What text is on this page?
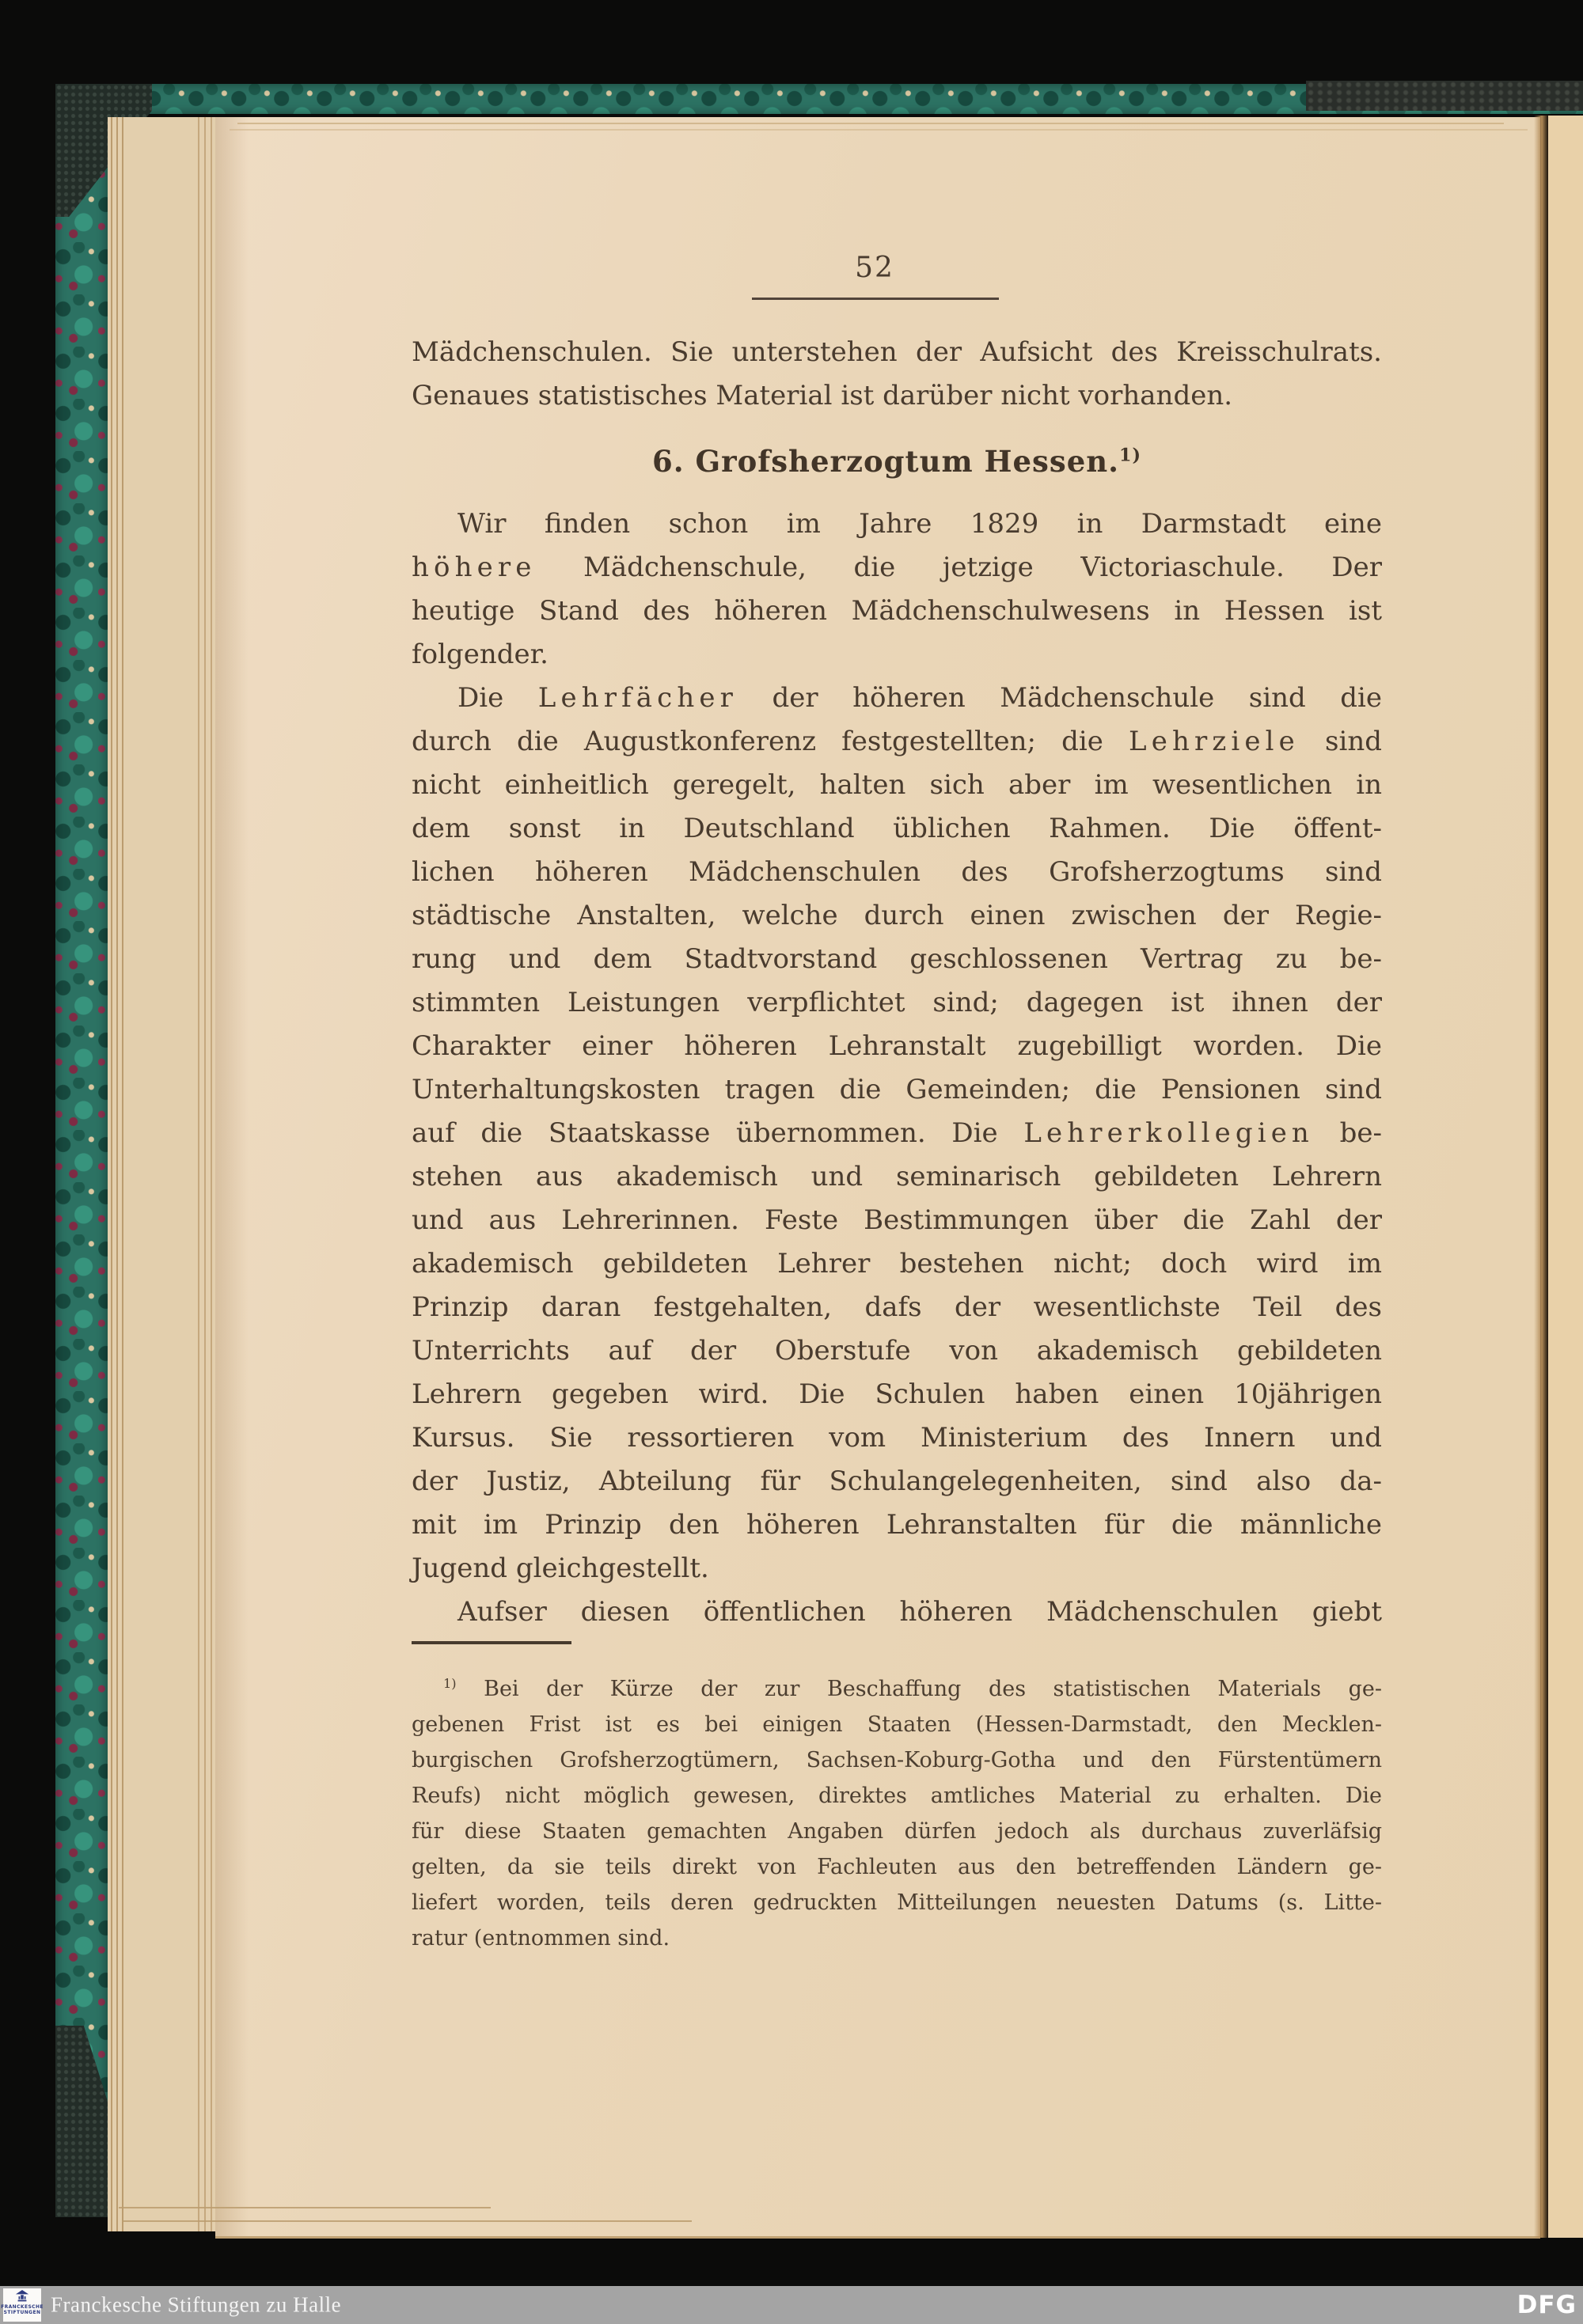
52
Mädchenschulen. Sie unterstehen der Aufsicht des Kreisschulrats.
Genaues statistisches Material ist darüber nicht vorhanden.
6. Grofsherzogtum Hessen.$^{1)}$
Wir finden schon im Jahre 1829 in Darmstadt eine
höhere Mädchenschule, die jetzige Victoriaschule. Der
heutige Stand des höheren Mädchenschulwesens in Hessen ist
folgender.
Die Lehrfächer der höheren Mädchenschule sind die
durch die Augustkonferenz festgestellten; die Lehrziele sind
nicht einheitlich geregelt, halten sich aber im wesentlichen in
dem sonst in Deutschland üblichen Rahmen. Die öffent-
lichen höheren Mädchenschulen des Grofsherzogtums sind
städtische Anstalten, welche durch einen zwischen der Regie-
rung und dem Stadtvorstand geschlossenen Vertrag zu be-
stimmten Leistungen verpflichtet sind; dagegen ist ihnen der
Charakter einer höheren Lehranstalt zugebilligt worden. Die
Unterhaltungskosten tragen die Gemeinden; die Pensionen sind
auf die Staatskasse übernommen. Die Lehrerkollegien be-
stehen aus akademisch und seminarisch gebildeten Lehrern
und aus Lehrerinnen. Feste Bestimmungen über die Zahl der
akademisch gebildeten Lehrer bestehen nicht; doch wird im
Prinzip daran festgehalten, dafs der wesentlichste Teil des
Unterrichts auf der Oberstufe von akademisch gebildeten
Lehrern gegeben wird. Die Schulen haben einen 10jährigen
Kursus. Sie ressortieren vom Ministerium des Innern und
der Justiz, Abteilung für Schulangelegenheiten, sind also da-
mit im Prinzip den höheren Lehranstalten für die männliche
Jugend gleichgestellt.
Aufser diesen öffentlichen höheren Mädchenschulen giebt
$^{1)}$ Bei der Kürze der zur Beschaffung des statistischen Materials ge-
gebenen Frist ist es bei einigen Staaten (Hessen-Darmstadt, den Mecklen-
burgischen Grofsherzogtümern, Sachsen-Koburg-Gotha und den Fürstentümern
Reufs) nicht möglich gewesen, direktes amtliches Material zu erhalten. Die
für diese Staaten gemachten Angaben dürfen jedoch als durchaus zuverläfsig
gelten, da sie teils direkt von Fachleuten aus den betreffenden Ländern ge-
liefert worden, teils deren gedruckten Mitteilungen neuesten Datums (s. Litte-
ratur (entnommen sind.
FRANCKESCHE
STIFTUNGEN Franckesche Stiftungen zu Halle	DFG
